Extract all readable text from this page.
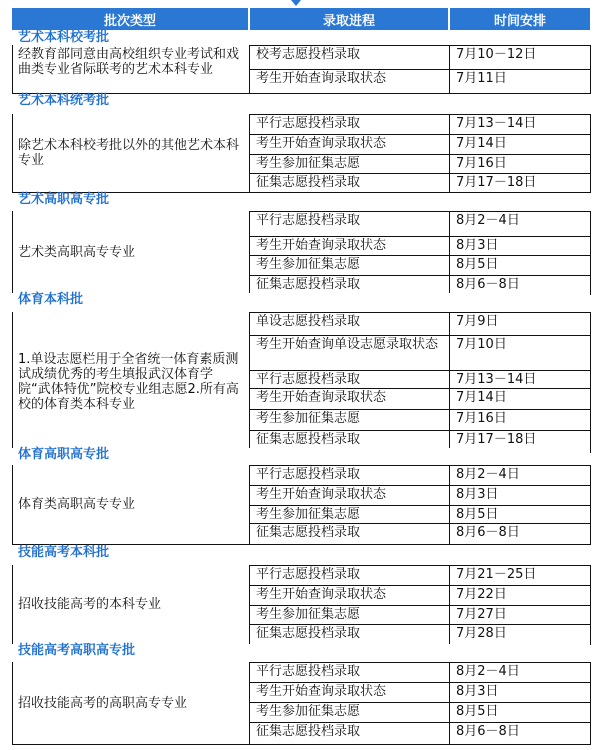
批次类型	录取进程	时间安排
艺术本科校考批
经教育部同意由高校组织专业考试和戏曲类专业省际联考的艺术本科专业
校考志愿投档录取	7月10－12日
考生开始查询录取状态	7月11日
艺术本科统考批
除艺术本科校考批以外的其他艺术本科专业
平行志愿投档录取	7月13－14日
考生开始查询录取状态	7月14日
考生参加征集志愿	7月16日
征集志愿投档录取	7月17－18日
艺术高职高专批
艺术类高职高专专业
平行志愿投档录取	8月2－4日
考生开始查询录取状态	8月3日
考生参加征集志愿	8月5日
征集志愿投档录取	8月6－8日
体育本科批
1.单设志愿栏用于全省统一体育素质测试成绩优秀的考生填报武汉体育学院“武体特优”院校专业组志愿2.所有高校的体育类本科专业
单设志愿投档录取	7月9日
考生开始查询单设志愿录取状态	7月10日
平行志愿投档录取	7月13－14日
考生开始查询录取状态	7月14日
考生参加征集志愿	7月16日
征集志愿投档录取	7月17－18日
体育高职高专批
体育类高职高专专业
平行志愿投档录取	8月2－4日
考生开始查询录取状态	8月3日
考生参加征集志愿	8月5日
征集志愿投档录取	8月6－8日
技能高考本科批
招收技能高考的本科专业
平行志愿投档录取	7月21－25日
考生开始查询录取状态	7月22日
考生参加征集志愿	7月27日
征集志愿投档录取	7月28日
技能高考高职高专批
招收技能高考的高职高专专业
平行志愿投档录取	8月2－4日
考生开始查询录取状态	8月3日
考生参加征集志愿	8月5日
征集志愿投档录取	8月6－8日
